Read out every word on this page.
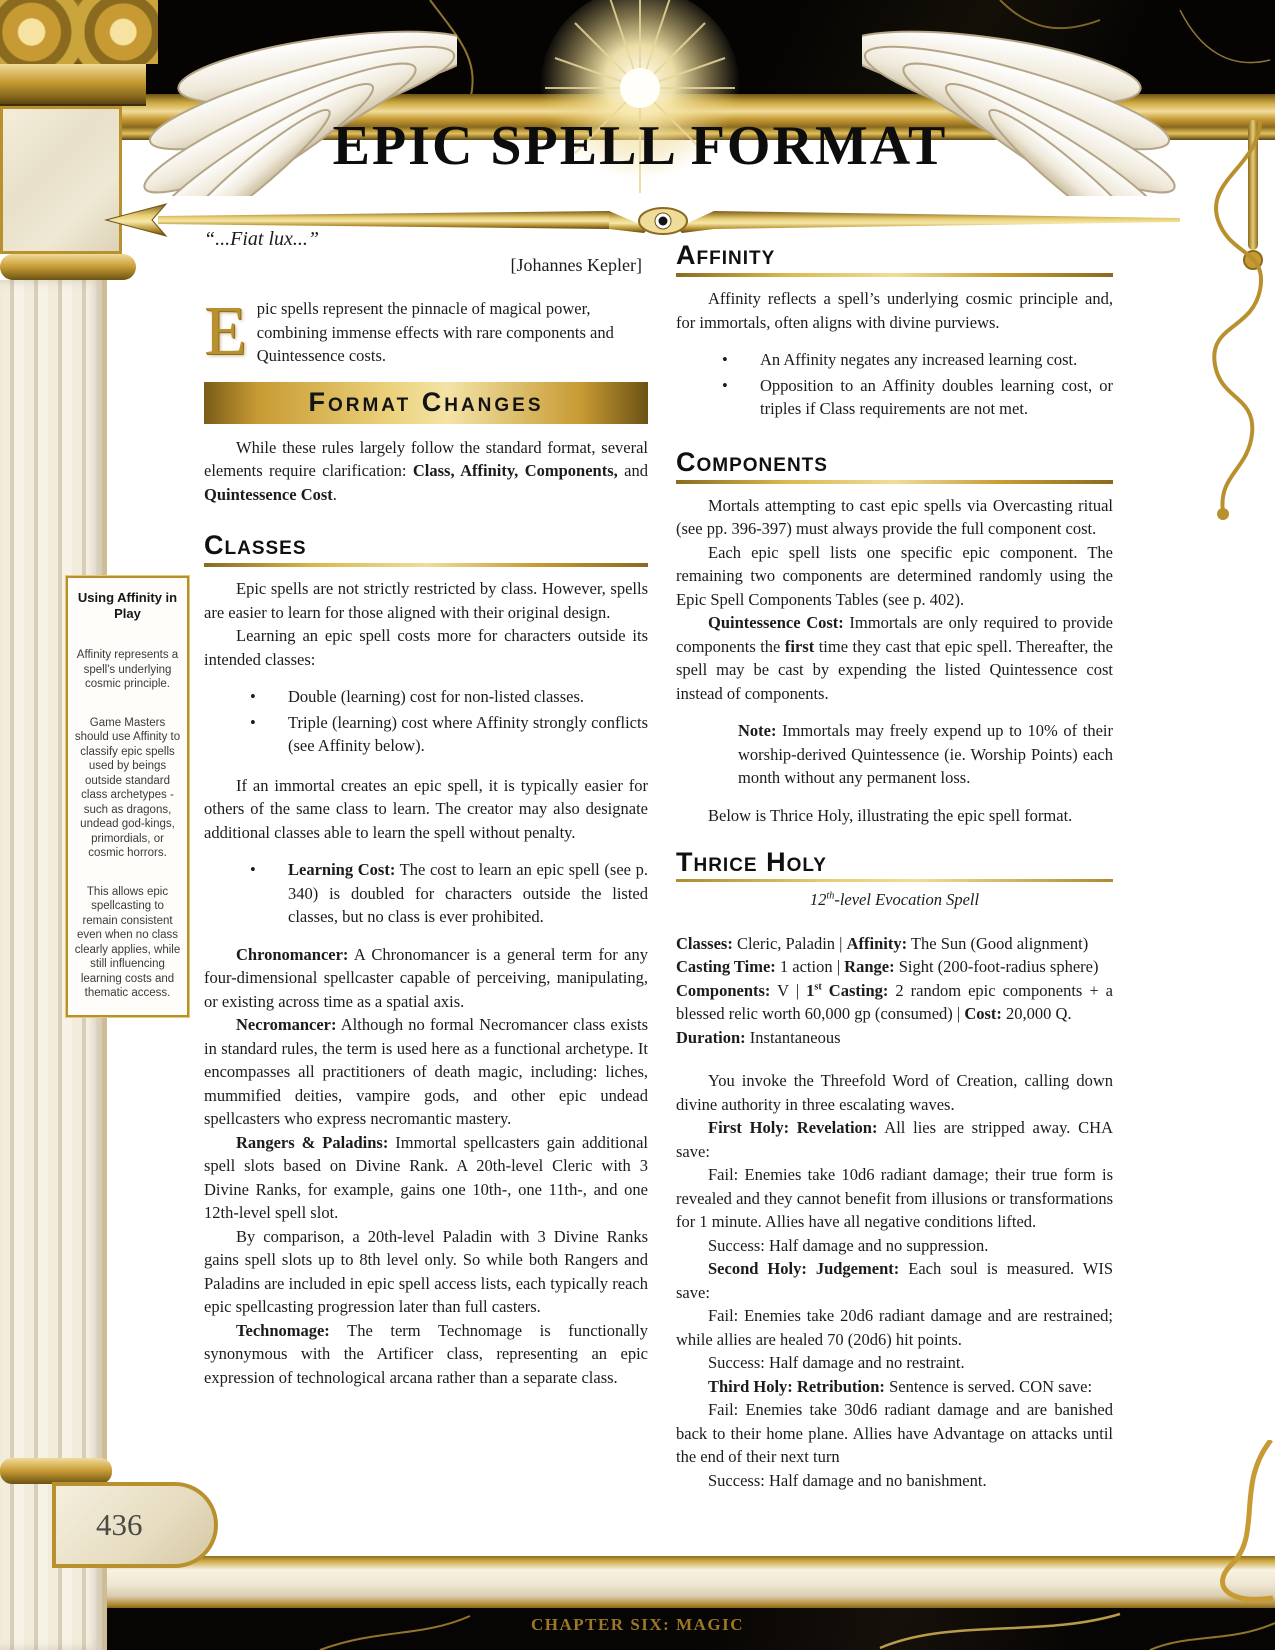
CHAPTER SIX: MAGIC
436
EPIC SPELL FORMAT

“...Fiat lux...”

[Johannes Kepler]

Epic spells represent the pinnacle of magical power, combining immense effects with rare components and Quintessence costs.

Format Changes

While these rules largely follow the standard format, several elements require clarification: Class, Affinity, Components, and Quintessence Cost.

Classes

Epic spells are not strictly restricted by class. However, spells are easier to learn for those aligned with their original design.

Learning an epic spell costs more for characters outside its intended classes:

• Double (learning) cost for non-listed classes.
• Triple (learning) cost where Affinity strongly conflicts (see Affinity below).

If an immortal creates an epic spell, it is typically easier for others of the same class to learn. The creator may also designate additional classes able to learn the spell without penalty.

• Learning Cost: The cost to learn an epic spell (see p. 340) is doubled for characters outside the listed classes, but no class is ever prohibited.

Chronomancer: A Chronomancer is a general term for any four-dimensional spellcaster capable of perceiving, manipulating, or existing across time as a spatial axis.

Necromancer: Although no formal Necromancer class exists in standard rules, the term is used here as a functional archetype. It encompasses all practitioners of death magic, including: liches, mummified deities, vampire gods, and other epic undead spellcasters who express necromantic mastery.

Rangers & Paladins: Immortal spellcasters gain additional spell slots based on Divine Rank. A 20th-level Cleric with 3 Divine Ranks, for example, gains one 10th-, one 11th-, and one 12th-level spell slot.

By comparison, a 20th-level Paladin with 3 Divine Ranks gains spell slots up to 8th level only. So while both Rangers and Paladins are included in epic spell access lists, each typically reach epic spellcasting progression later than full casters.

Technomage: The term Technomage is functionally synonymous with the Artificer class, representing an epic expression of technological arcana rather than a separate class.

Using Affinity in Play

Affinity represents a spell's underlying cosmic principle.

Game Masters should use Affinity to classify epic spells used by beings outside standard class archetypes - such as dragons, undead god-kings, primordials, or cosmic horrors.

This allows epic spellcasting to remain consistent even when no class clearly applies, while still influencing learning costs and thematic access.

Affinity

Affinity reflects a spell’s underlying cosmic principle and, for immortals, often aligns with divine purviews.

• An Affinity negates any increased learning cost.
• Opposition to an Affinity doubles learning cost, or triples if Class requirements are not met.
Components

Mortals attempting to cast epic spells via Overcasting ritual (see pp. 396-397) must always provide the full component cost.

Each epic spell lists one specific epic component. The remaining two components are determined randomly using the Epic Spell Components Tables (see p. 402).

Quintessence Cost: Immortals are only required to provide components the first time they cast that epic spell. Thereafter, the spell may be cast by expending the listed Quintessence cost instead of components.

Note: Immortals may freely expend up to 10% of their worship-derived Quintessence (ie. Worship Points) each month without any permanent loss.

Below is Thrice Holy, illustrating the epic spell format.

Thrice Holy

12th-level Evocation Spell

Classes: Cleric, Paladin | Affinity: The Sun (Good alignment)

Casting Time: 1 action | Range: Sight (200-foot-radius sphere)

Components: V | 1st Casting: 2 random epic components + a blessed relic worth 60,000 gp (consumed) | Cost: 20,000 Q.

Duration: Instantaneous

You invoke the Threefold Word of Creation, calling down divine authority in three escalating waves.

First Holy: Revelation: All lies are stripped away. CHA save:

Fail: Enemies take 10d6 radiant damage; their true form is revealed and they cannot benefit from illusions or transformations for 1 minute. Allies have all negative conditions lifted.

Success: Half damage and no suppression.

Second Holy: Judgement: Each soul is measured. WIS save:

Fail: Enemies take 20d6 radiant damage and are restrained; while allies are healed 70 (20d6) hit points.

Success: Half damage and no restraint.

Third Holy: Retribution: Sentence is served. CON save:

Fail: Enemies take 30d6 radiant damage and are banished back to their home plane. Allies have Advantage on attacks until the end of their next turn

Success: Half damage and no banishment.
